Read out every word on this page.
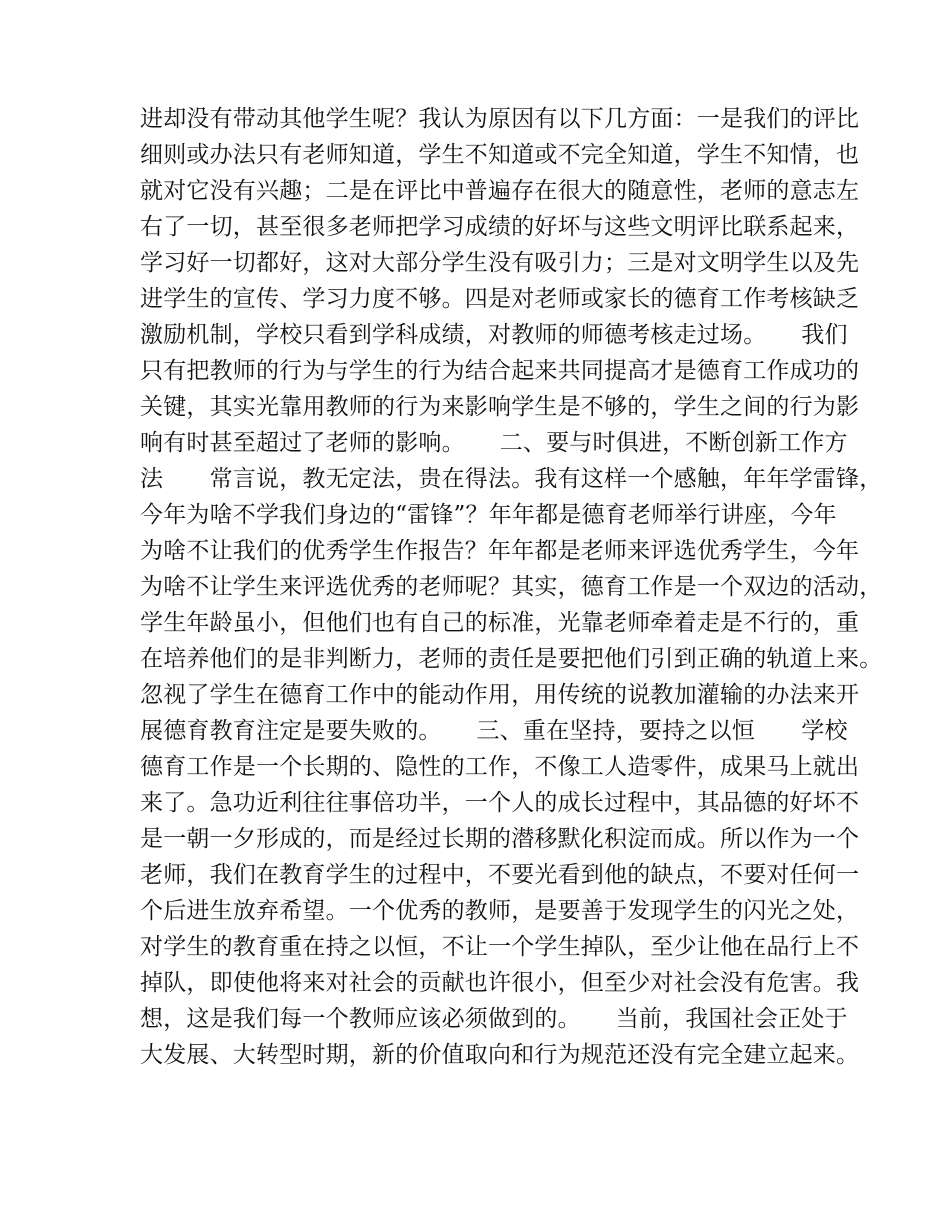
进却没有带动其他学生呢？我认为原因有以下几方面：一是我们的评比
细则或办法只有老师知道，学生不知道或不完全知道，学生不知情，也
就对它没有兴趣；二是在评比中普遍存在很大的随意性，老师的意志左
右了一切，甚至很多老师把学习成绩的好坏与这些文明评比联系起来，
学习好一切都好，这对大部分学生没有吸引力；三是对文明学生以及先
进学生的宣传、学习力度不够。四是对老师或家长的德育工作考核缺乏
激励机制，学校只看到学科成绩，对教师的师德考核走过场。　　我们
只有把教师的行为与学生的行为结合起来共同提高才是德育工作成功的
关键，其实光靠用教师的行为来影响学生是不够的，学生之间的行为影
响有时甚至超过了老师的影响。　　二、要与时俱进，不断创新工作方
法　　常言说，教无定法，贵在得法。我有这样一个感触，年年学雷锋，
今年为啥不学我们身边的“雷锋”？年年都是德育老师举行讲座，今年
为啥不让我们的优秀学生作报告？年年都是老师来评选优秀学生，今年
为啥不让学生来评选优秀的老师呢？其实，德育工作是一个双边的活动，
学生年龄虽小，但他们也有自己的标准，光靠老师牵着走是不行的，重
在培养他们的是非判断力，老师的责任是要把他们引到正确的轨道上来。
忽视了学生在德育工作中的能动作用，用传统的说教加灌输的办法来开
展德育教育注定是要失败的。　　三、重在坚持，要持之以恒　　学校
德育工作是一个长期的、隐性的工作，不像工人造零件，成果马上就出
来了。急功近利往往事倍功半，一个人的成长过程中，其品德的好坏不
是一朝一夕形成的，而是经过长期的潜移默化积淀而成。所以作为一个
老师，我们在教育学生的过程中，不要光看到他的缺点，不要对任何一
个后进生放弃希望。一个优秀的教师，是要善于发现学生的闪光之处，
对学生的教育重在持之以恒，不让一个学生掉队，至少让他在品行上不
掉队，即使他将来对社会的贡献也许很小，但至少对社会没有危害。我
想，这是我们每一个教师应该必须做到的。　　当前，我国社会正处于
大发展、大转型时期，新的价值取向和行为规范还没有完全建立起来。
